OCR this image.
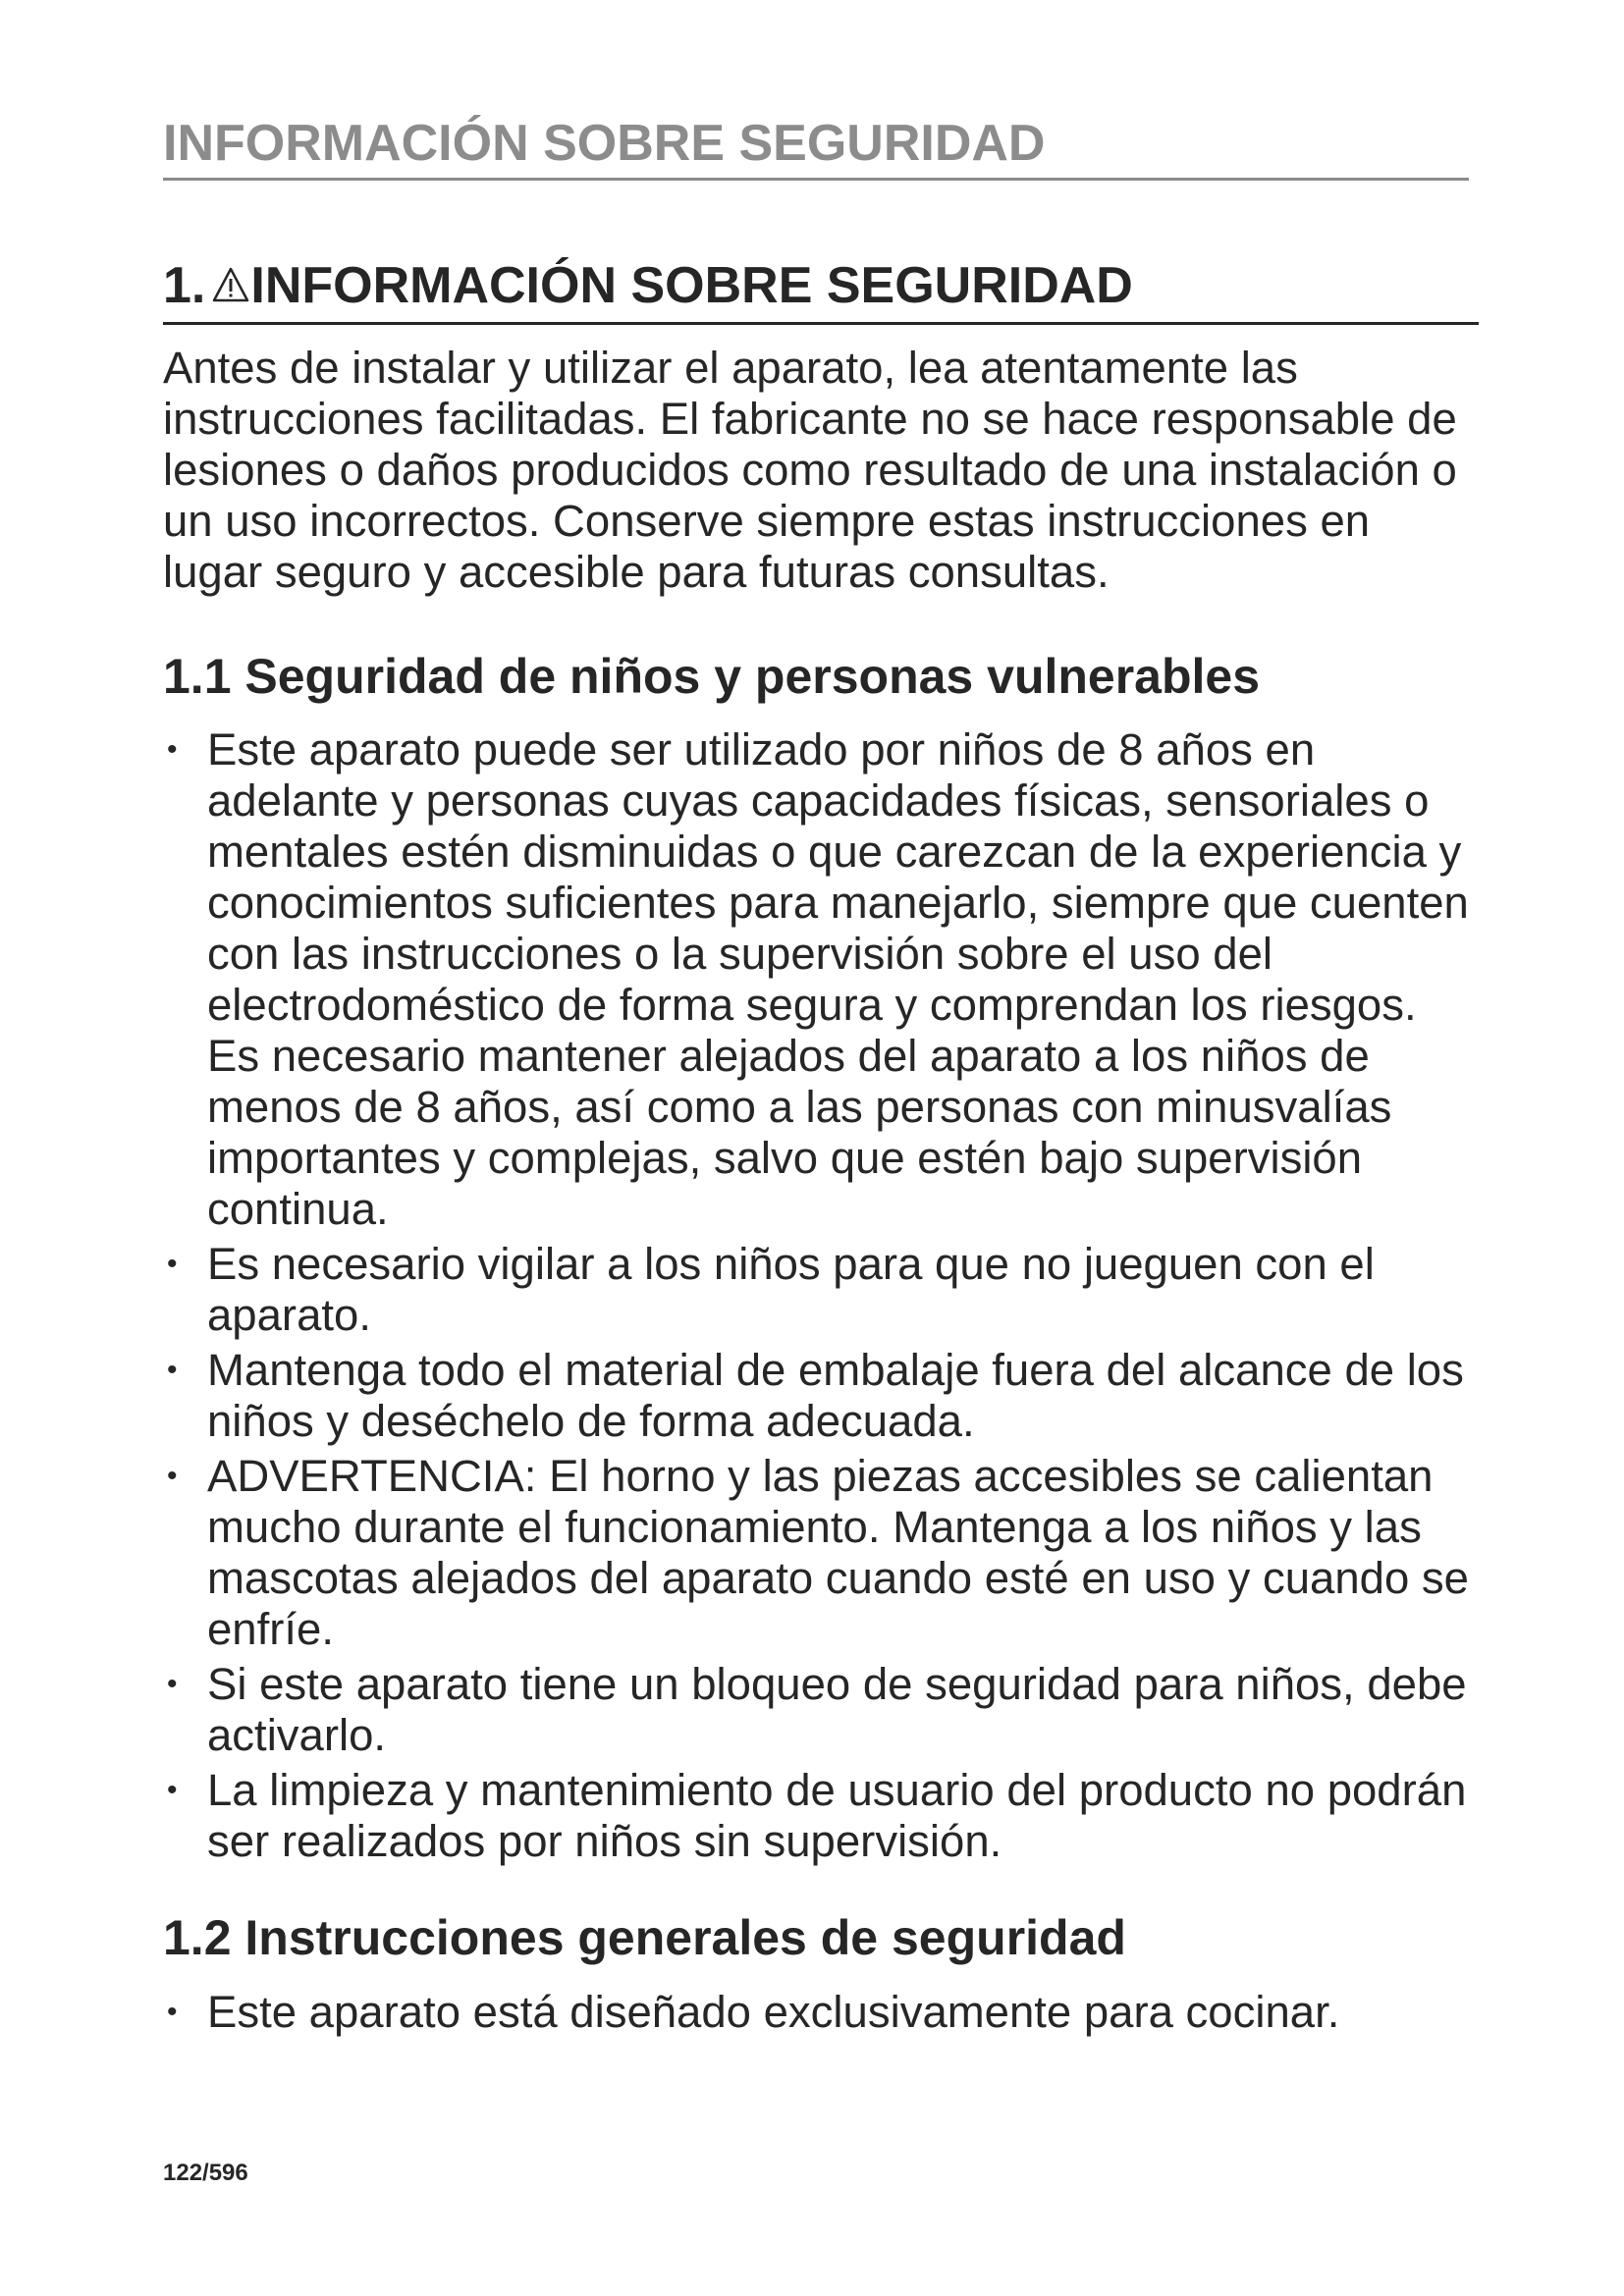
INFORMACIÓN SOBRE SEGURIDAD
1. INFORMACIÓN SOBRE SEGURIDAD

Antes de instalar y utilizar el aparato, lea atentamente las instrucciones facilitadas. El fabricante no se hace responsable de lesiones o daños producidos como resultado de una instalación o un uso incorrectos. Conserve siempre estas instrucciones en lugar seguro y accesible para futuras consultas.

1.1 Seguridad de niños y personas vulnerables
• Este aparato puede ser utilizado por niños de 8 años en adelante y personas cuyas capacidades físicas, sensoriales o mentales estén disminuidas o que carezcan de la experiencia y conocimientos suficientes para manejarlo, siempre que cuenten con las instrucciones o la supervisión sobre el uso del electrodoméstico de forma segura y comprendan los riesgos. Es necesario mantener alejados del aparato a los niños de menos de 8 años, así como a las personas con minusvalías importantes y complejas, salvo que estén bajo supervisión continua.
• Es necesario vigilar a los niños para que no jueguen con el aparato.
• Mantenga todo el material de embalaje fuera del alcance de los niños y deséchelo de forma adecuada.
• ADVERTENCIA: El horno y las piezas accesibles se calientan mucho durante el funcionamiento. Mantenga a los niños y las mascotas alejados del aparato cuando esté en uso y cuando se enfríe.
• Si este aparato tiene un bloqueo de seguridad para niños, debe activarlo.
• La limpieza y mantenimiento de usuario del producto no podrán ser realizados por niños sin supervisión.
1.2 Instrucciones generales de seguridad
• Este aparato está diseñado exclusivamente para cocinar.
122/596
